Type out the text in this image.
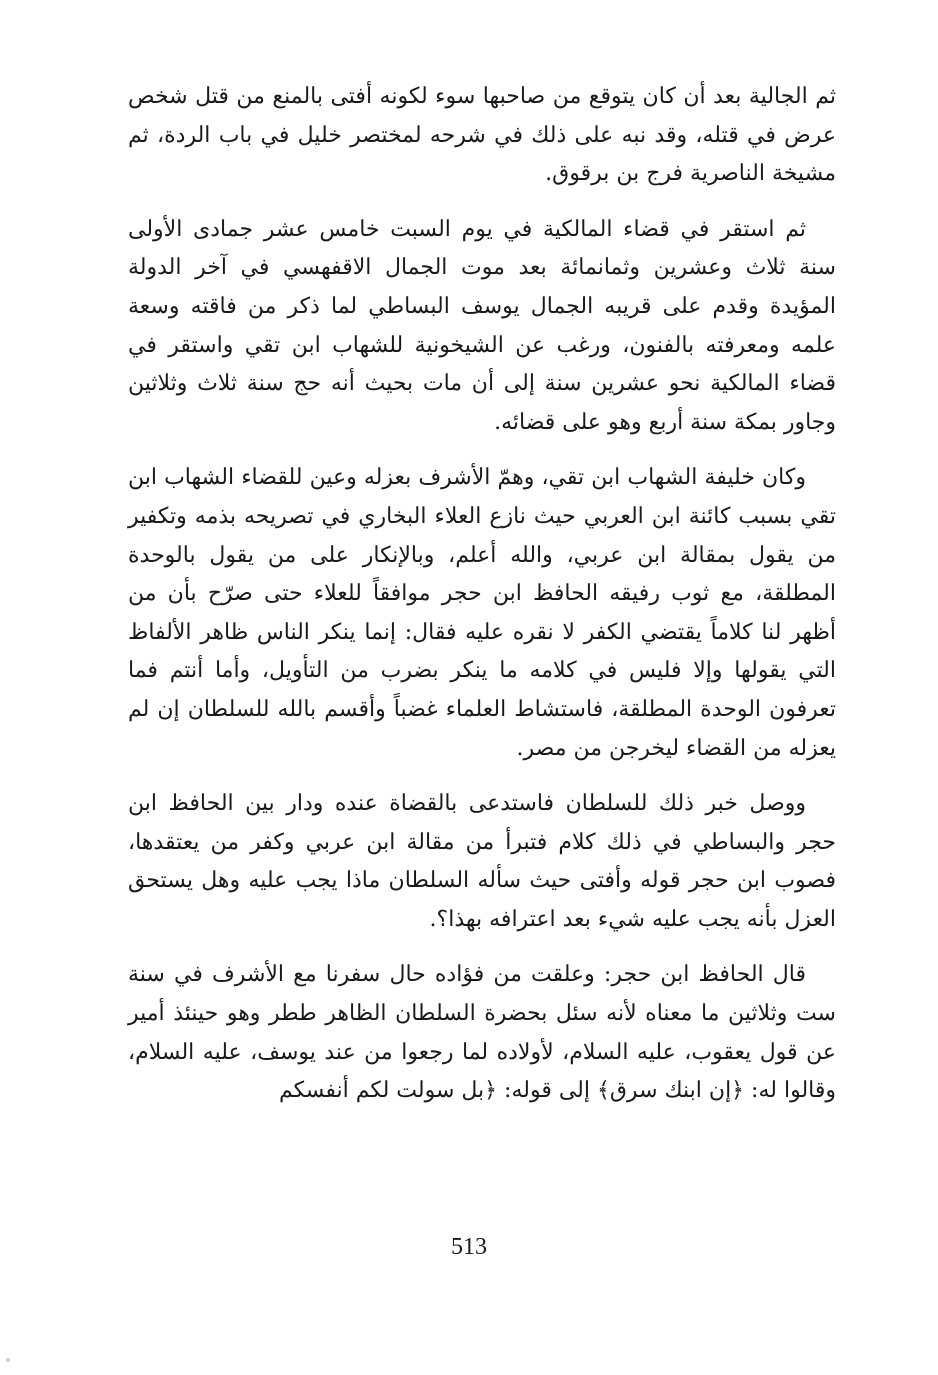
ثم الجالية بعد أن كان يتوقع من صاحبها سوء لكونه أفتى بالمنع من قتل شخص عرض في قتله، وقد نبه على ذلك في شرحه لمختصر خليل في باب الردة، ثم مشيخة الناصرية فرج بن برقوق.

ثم استقر في قضاء المالكية في يوم السبت خامس عشر جمادى الأولى سنة ثلاث وعشرين وثمانمائة بعد موت الجمال الاقفهسي في آخر الدولة المؤيدة وقدم على قريبه الجمال يوسف البساطي لما ذكر من فاقته وسعة علمه ومعرفته بالفنون، ورغب عن الشيخونية للشهاب ابن تقي واستقر في قضاء المالكية نحو عشرين سنة إلى أن مات بحيث أنه حج سنة ثلاث وثلاثين وجاور بمكة سنة أربع وهو على قضائه.

وكان خليفة الشهاب ابن تقي، وهمّ الأشرف بعزله وعين للقضاء الشهاب ابن تقي بسبب كائنة ابن العربي حيث نازع العلاء البخاري في تصريحه بذمه وتكفير من يقول بمقالة ابن عربي، والله أعلم، وبالإنكار على من يقول بالوحدة المطلقة، مع ثوب رفيقه الحافظ ابن حجر موافقاً للعلاء حتى صرّح بأن من أظهر لنا كلاماً يقتضي الكفر لا نقره عليه فقال: إنما ينكر الناس ظاهر الألفاظ التي يقولها وإلا فليس في كلامه ما ينكر بضرب من التأويل، وأما أنتم فما تعرفون الوحدة المطلقة، فاستشاط العلماء غضباً وأقسم بالله للسلطان إن لم يعزله من القضاء ليخرجن من مصر.

ووصل خبر ذلك للسلطان فاستدعى بالقضاة عنده ودار بين الحافظ ابن حجر والبساطي في ذلك كلام فتبرأ من مقالة ابن عربي وكفر من يعتقدها، فصوب ابن حجر قوله وأفتى حيث سأله السلطان ماذا يجب عليه وهل يستحق العزل بأنه يجب عليه شيء بعد اعترافه بهذا؟.

قال الحافظ ابن حجر: وعلقت من فؤاده حال سفرنا مع الأشرف في سنة ست وثلاثين ما معناه لأنه سئل بحضرة السلطان الظاهر ططر وهو حينئذ أمير عن قول يعقوب، عليه السلام، لأولاده لما رجعوا من عند يوسف، عليه السلام، وقالوا له: ﴿إن ابنك سرق﴾ إلى قوله: ﴿بل سولت لكم أنفسكم

513
